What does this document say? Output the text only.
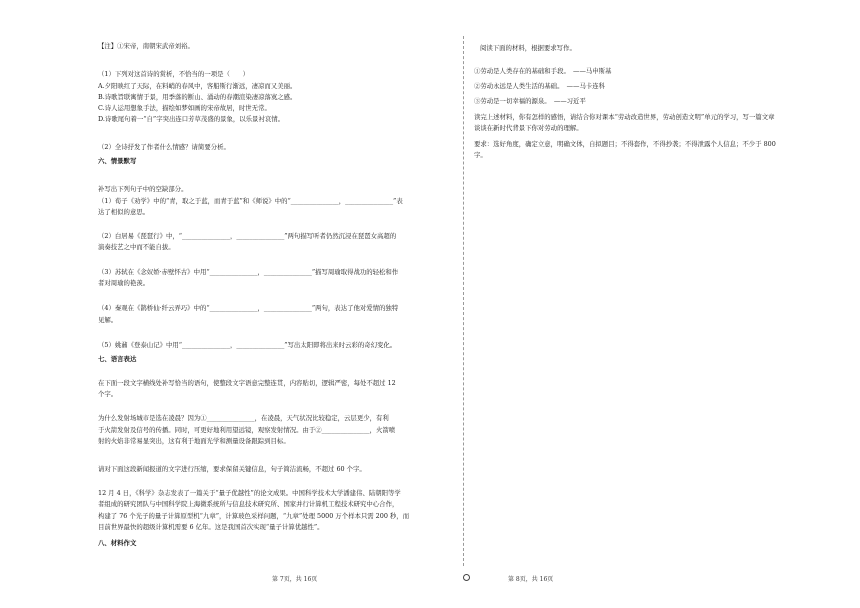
【注】①宋帝，南朝宋武帝刘裕。
（1）下列对这首诗的赏析，不恰当的一项是（　　）
A.夕阳映红了天际，在料峭的春风中，客船斯行渐远，凄凉而又美丽。
B.诗歌旨联寓情于景，用季落的断山、涌动的春潮渲染凄凉落寞之感。
C.诗人运用想象手法，描绘如梦如画的宋帝故居，时世无常。
D.诗歌尾句着一“自”字突出连口芳草茂盛的景象，以乐景衬哀情。
（2）全诗抒发了作者什么情感？请简要分析。
六、情景默写
补写出下列句子中的空缺部分。
（1）荀子《劝学》中的“青，取之于蓝，而青于蓝”和《师说》中的“_______________，_______________”表
达了相似的意思。
（2）白居易《琵琶行》中，“_______________，_______________”两句描写听者仍然沉浸在琵琶女高超的
演奏技艺之中而不能自拔。
（3）苏轼在《念奴娇·赤壁怀古》中用“_______________，_______________”描写周瑜取得战功的轻松和作
者对周瑜的艳羡。
（4）秦观在《鹊桥仙·纤云弄巧》中的“_______________，_______________”两句，表达了他对爱情的独特
见解。
（5）姚鼐《登泰山记》中用“_______________，_______________”写出太阳即将出来时云彩的奇幻变化。
七、语言表达
在下面一段文字横线处补写恰当的语句，使整段文字语意完整连贯，内容贴切，逻辑严密，每处不超过 12
个字。
为什么发射场城市是选在凌晨？因为①_______________，在凌晨，天气状况比较稳定，云层更少，有利
于火箭发射及信号的传播。同时，可更好地利用望远镜，观察发射情况。由于②_______________，火箭喷
射的火焰非常易显突出，这有利于地面光学和测量设备跟踪到目标。
请对下面这段新闻报道的文字进行压缩，要求保留关键信息，句子简洁流畅，不超过 60 个字。
12 月 4 日，《科学》杂志发表了一篇关于“量子优越性”的论文成果。中国科学技术大学潘建伟、陆朝阳等学
者组成的研究团队与中国科学院上海微系统所与信息技术研究所、国家并行计算机工程技术研究中心合作，
构建了 76 个光子的量子计算原型机“九章”，计算玻色采样问题，“九章”处理 5000 万个样本只需 200 秒，而
目前世界最快的超级计算机需要 6 亿年。这是我国首次实现“量子计算优越性”。
八、材料作文
阅读下面的材料，根据要求写作。
①劳动是人类存在的基础和手段。　——马申斯基
②劳动永远是人类生活的基础。　——马卡连科
③劳动是一切幸福的源泉。　——习近平
读完上述材料，你有怎样的感悟，请结合你对课本“劳动改造世界，劳动创造文明”单元的学习，写一篇文章
谈谈在新时代背景下你对劳动的理解。
要求：选好角度，确定立意，明确文体，自拟题目；不得套作，不得抄袭；不得泄露个人信息；不少于 800
字。
第 7页，共 16页	第 8页，共 16页
